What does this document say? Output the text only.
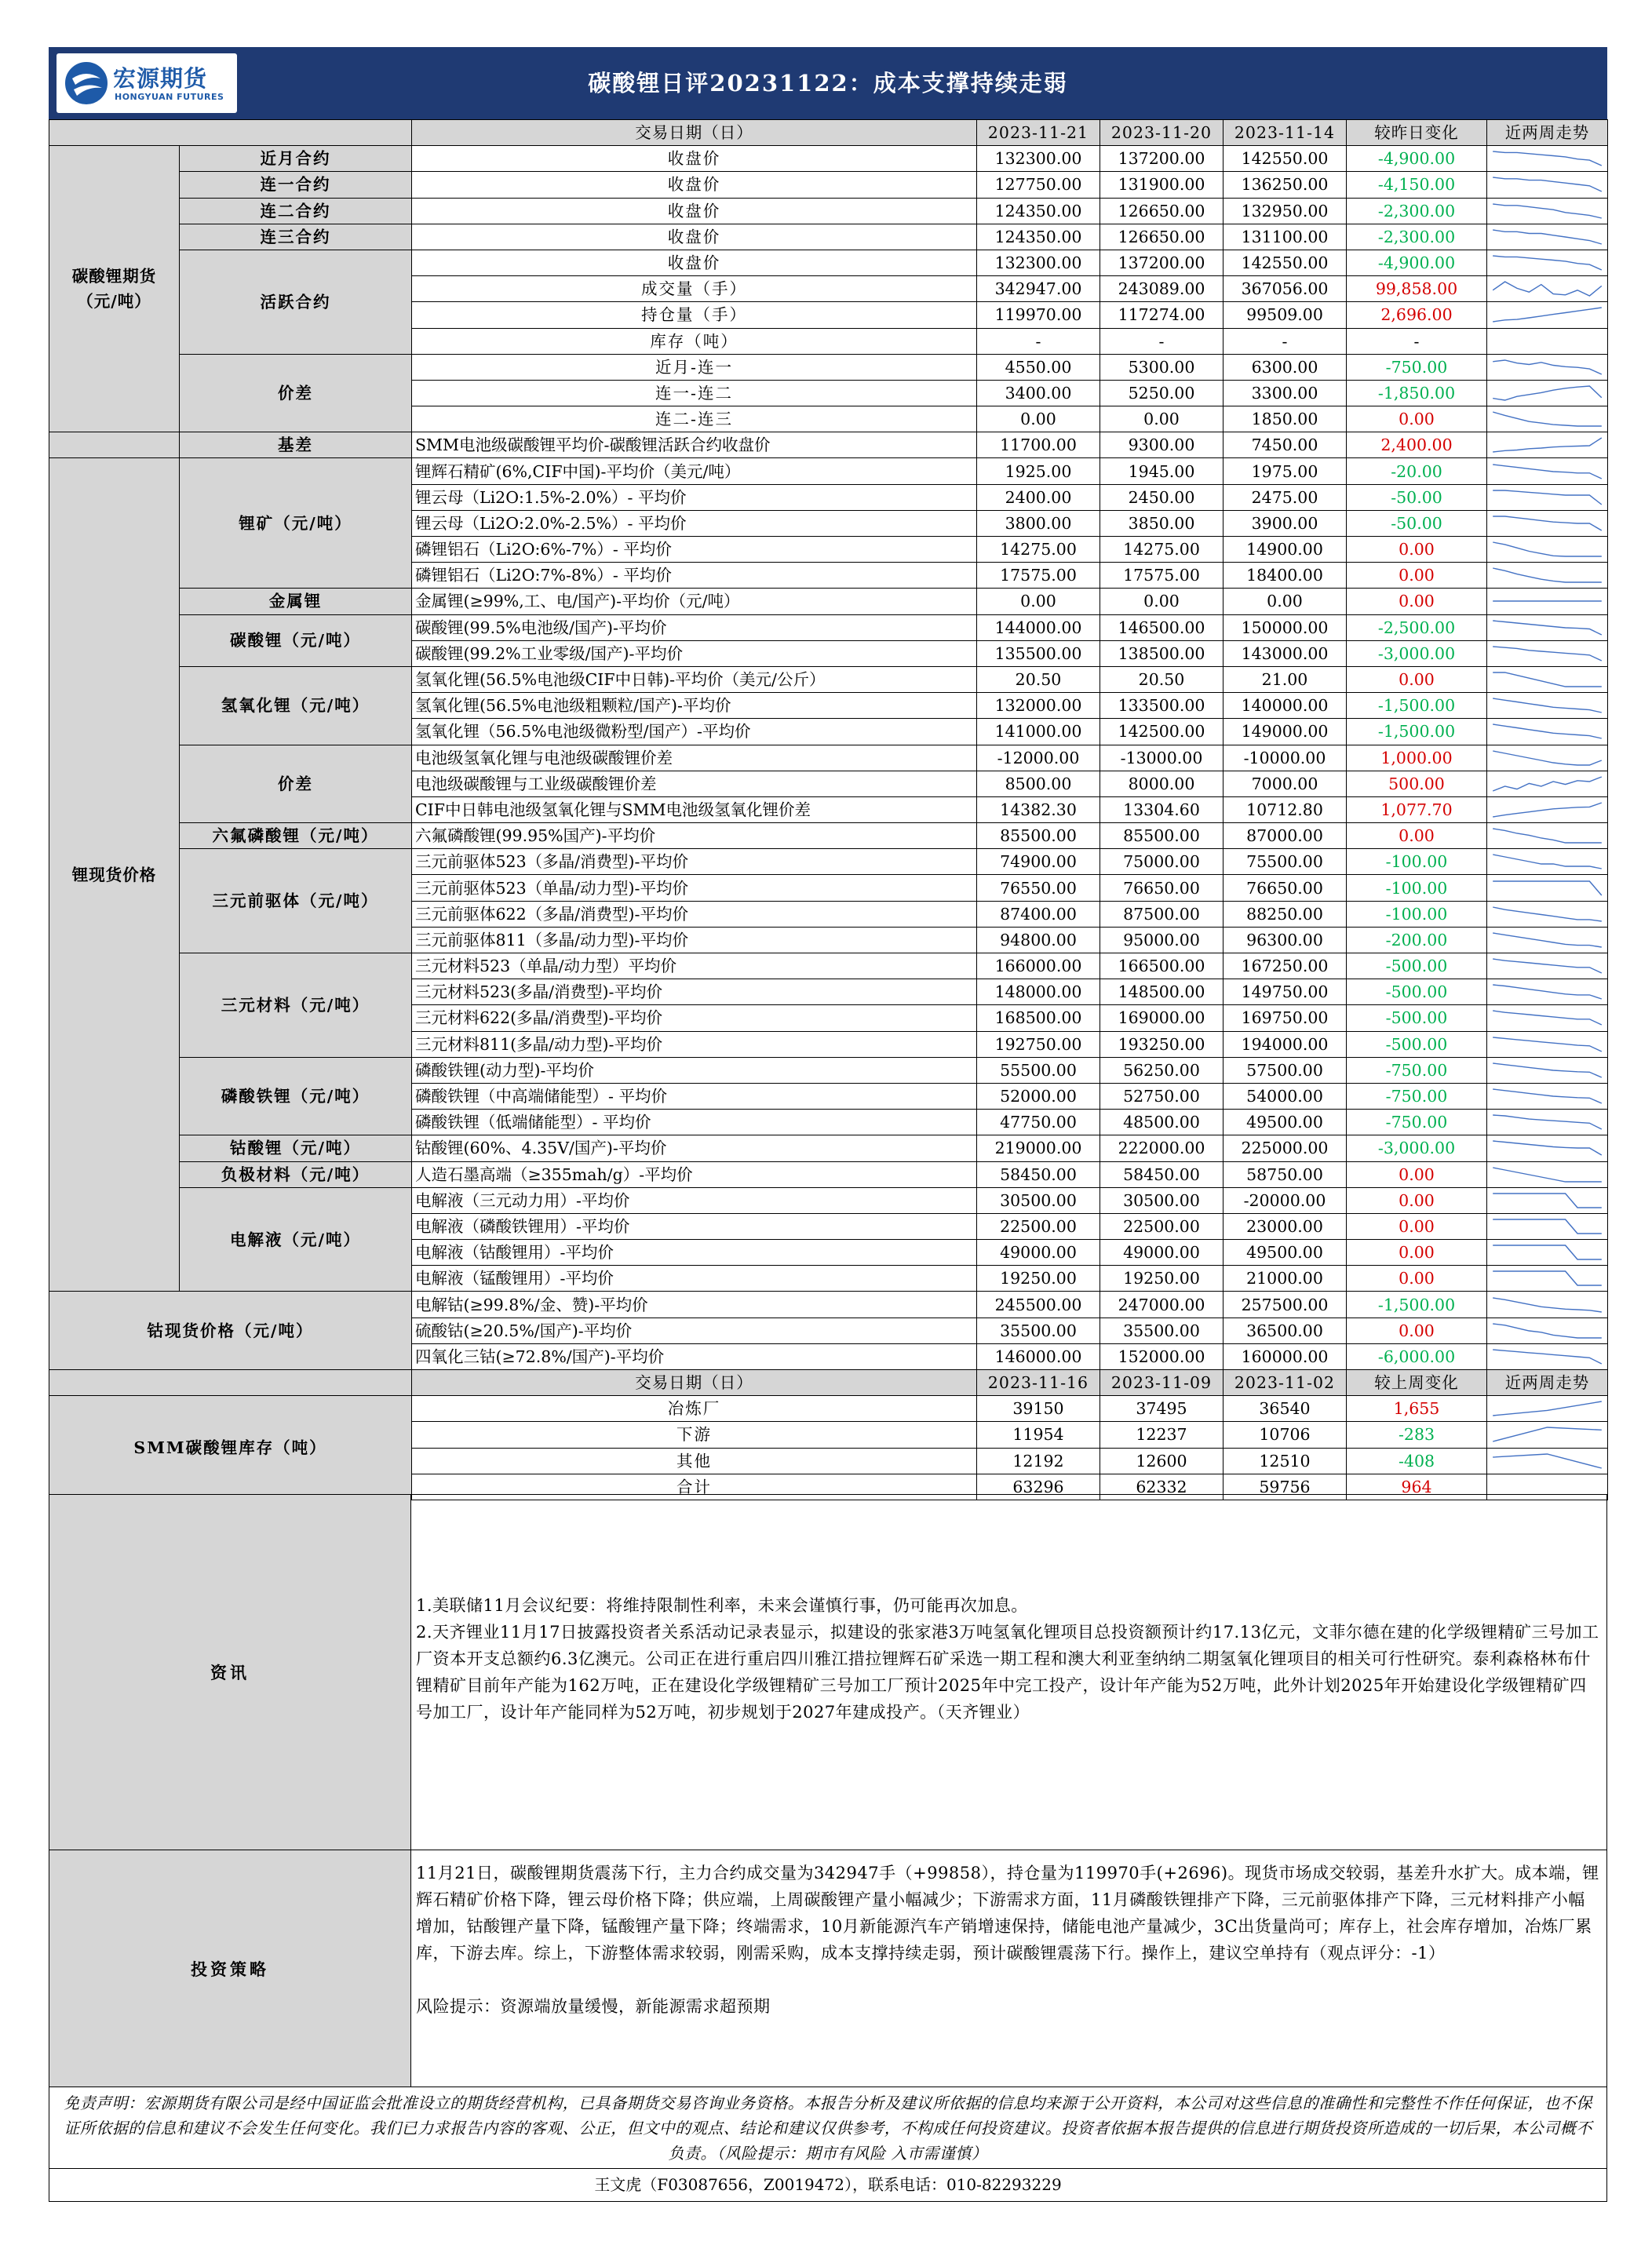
宏源期货
HONGYUAN FUTURES
碳酸锂日评20231122：成本支撑持续走弱
		交易日期（日）	2023-11-21	2023-11-20	2023-11-14	较昨日变化	近两周走势
碳酸锂期货（元/吨）	近月合约	收盘价	132300.00	137200.00	142550.00	-4,900.00	

	连一合约	收盘价	127750.00	131900.00	136250.00	-4,150.00	

	连二合约	收盘价	124350.00	126650.00	132950.00	-2,300.00	

	连三合约	收盘价	124350.00	126650.00	131100.00	-2,300.00	

	活跃合约	收盘价	132300.00	137200.00	142550.00	-4,900.00	

		成交量（手）	342947.00	243089.00	367056.00	99,858.00	

		持仓量（手）	119970.00	117274.00	99509.00	2,696.00	

		库存（吨）	-	-	-	-	
	价差	近月-连一	4550.00	5300.00	6300.00	-750.00	

		连一-连二	3400.00	5250.00	3300.00	-1,850.00	

		连二-连三	0.00	0.00	1850.00	0.00	

	基差	SMM电池级碳酸锂平均价-碳酸锂活跃合约收盘价	11700.00	9300.00	7450.00	2,400.00	

锂现货价格	锂矿（元/吨）	锂辉石精矿(6%,CIF中国)-平均价（美元/吨）	1925.00	1945.00	1975.00	-20.00	

		锂云母（Li2O:1.5%-2.0%）- 平均价	2400.00	2450.00	2475.00	-50.00	

		锂云母（Li2O:2.0%-2.5%）- 平均价	3800.00	3850.00	3900.00	-50.00	

		磷锂铝石（Li2O:6%-7%）- 平均价	14275.00	14275.00	14900.00	0.00	

		磷锂铝石（Li2O:7%-8%）- 平均价	17575.00	17575.00	18400.00	0.00	

	金属锂	金属锂(≥99%,工、电/国产)-平均价（元/吨）	0.00	0.00	0.00	0.00	

	碳酸锂（元/吨）	碳酸锂(99.5%电池级/国产)-平均价	144000.00	146500.00	150000.00	-2,500.00	

		碳酸锂(99.2%工业零级/国产)-平均价	135500.00	138500.00	143000.00	-3,000.00	

	氢氧化锂（元/吨）	氢氧化锂(56.5%电池级CIF中日韩)-平均价（美元/公斤）	20.50	20.50	21.00	0.00	

		氢氧化锂(56.5%电池级粗颗粒/国产)-平均价	132000.00	133500.00	140000.00	-1,500.00	

		氢氧化锂（56.5%电池级微粉型/国产）-平均价	141000.00	142500.00	149000.00	-1,500.00	

	价差	电池级氢氧化锂与电池级碳酸锂价差	-12000.00	-13000.00	-10000.00	1,000.00	

		电池级碳酸锂与工业级碳酸锂价差	8500.00	8000.00	7000.00	500.00	

		CIF中日韩电池级氢氧化锂与SMM电池级氢氧化锂价差	14382.30	13304.60	10712.80	1,077.70	

	六氟磷酸锂（元/吨）	六氟磷酸锂(99.95%国产)-平均价	85500.00	85500.00	87000.00	0.00	

	三元前驱体（元/吨）	三元前驱体523（多晶/消费型)-平均价	74900.00	75000.00	75500.00	-100.00	

		三元前驱体523（单晶/动力型)-平均价	76550.00	76650.00	76650.00	-100.00	

		三元前驱体622（多晶/消费型)-平均价	87400.00	87500.00	88250.00	-100.00	

		三元前驱体811（多晶/动力型)-平均价	94800.00	95000.00	96300.00	-200.00	

	三元材料（元/吨）	三元材料523（单晶/动力型）平均价	166000.00	166500.00	167250.00	-500.00	

		三元材料523(多晶/消费型)-平均价	148000.00	148500.00	149750.00	-500.00	

		三元材料622(多晶/消费型)-平均价	168500.00	169000.00	169750.00	-500.00	

		三元材料811(多晶/动力型)-平均价	192750.00	193250.00	194000.00	-500.00	

	磷酸铁锂（元/吨）	磷酸铁锂(动力型)-平均价	55500.00	56250.00	57500.00	-750.00	

		磷酸铁锂（中高端储能型）- 平均价	52000.00	52750.00	54000.00	-750.00	

		磷酸铁锂（低端储能型）- 平均价	47750.00	48500.00	49500.00	-750.00	

	钴酸锂（元/吨）	钴酸锂(60%、4.35V/国产)-平均价	219000.00	222000.00	225000.00	-3,000.00	

	负极材料（元/吨）	人造石墨高端（≥355mah/g）-平均价	58450.00	58450.00	58750.00	0.00	

	电解液（元/吨）	电解液（三元动力用）-平均价	30500.00	30500.00	-20000.00	0.00	

		电解液（磷酸铁锂用）-平均价	22500.00	22500.00	23000.00	0.00	

		电解液（钴酸锂用）-平均价	49000.00	49000.00	49500.00	0.00	

		电解液（锰酸锂用）-平均价	19250.00	19250.00	21000.00	0.00	

钴现货价格（元/吨）		电解钴(≥99.8%/金、赞)-平均价	245500.00	247000.00	257500.00	-1,500.00	

		硫酸钴(≥20.5%/国产)-平均价	35500.00	35500.00	36500.00	0.00	

		四氧化三钴(≥72.8%/国产)-平均价	146000.00	152000.00	160000.00	-6,000.00	

		交易日期（日）	2023-11-16	2023-11-09	2023-11-02	较上周变化	近两周走势
SMM碳酸锂库存（吨）		冶炼厂	39150	37495	36540	1,655	

		下游	11954	12237	10706	-283	

		其他	12192	12600	12510	-408	

		合计	63296	62332	59756	964	
资讯

1.美联储11月会议纪要：将维持限制性利率，未来会谨慎行事，仍可能再次加息。

2.天齐锂业11月17日披露投资者关系活动记录表显示，拟建设的张家港3万吨氢氧化锂项目总投资额预计约17.13亿元，文菲尔德在建的化学级锂精矿三号加工厂资本开支总额约6.3亿澳元。公司正在进行重启四川雅江措拉锂辉石矿采选一期工程和澳大利亚奎纳纳二期氢氧化锂项目的相关可行性研究。泰利森格林布什锂精矿目前年产能为162万吨，正在建设化学级锂精矿三号加工厂预计2025年中完工投产，设计年产能为52万吨，此外计划2025年开始建设化学级锂精矿四号加工厂，设计年产能同样为52万吨，初步规划于2027年建成投产。（天齐锂业）

投资策略

11月21日，碳酸锂期货震荡下行，主力合约成交量为342947手（+99858），持仓量为119970手(+2696)。现货市场成交较弱，基差升水扩大。成本端，锂辉石精矿价格下降，锂云母价格下降；供应端，上周碳酸锂产量小幅减少；下游需求方面，11月磷酸铁锂排产下降，三元前驱体排产下降，三元材料排产小幅增加，钴酸锂产量下降，锰酸锂产量下降；终端需求，10月新能源汽车产销增速保持，储能电池产量减少，3C出货量尚可；库存上，社会库存增加，冶炼厂累库，下游去库。综上，下游整体需求较弱，刚需采购，成本支撑持续走弱，预计碳酸锂震荡下行。操作上，建议空单持有（观点评分：-1）

风险提示：资源端放量缓慢，新能源需求超预期

免责声明：宏源期货有限公司是经中国证监会批准设立的期货经营机构，已具备期货交易咨询业务资格。本报告分析及建议所依据的信息均来源于公开资料，本公司对这些信息的准确性和完整性不作任何保证，也不保证所依据的信息和建议不会发生任何变化。我们已力求报告内容的客观、公正，但文中的观点、结论和建议仅供参考，不构成任何投资建议。投资者依据本报告提供的信息进行期货投资所造成的一切后果，本公司概不负责。（风险提示：期市有风险 入市需谨慎）
王文虎（F03087656，Z0019472），联系电话：010-82293229
